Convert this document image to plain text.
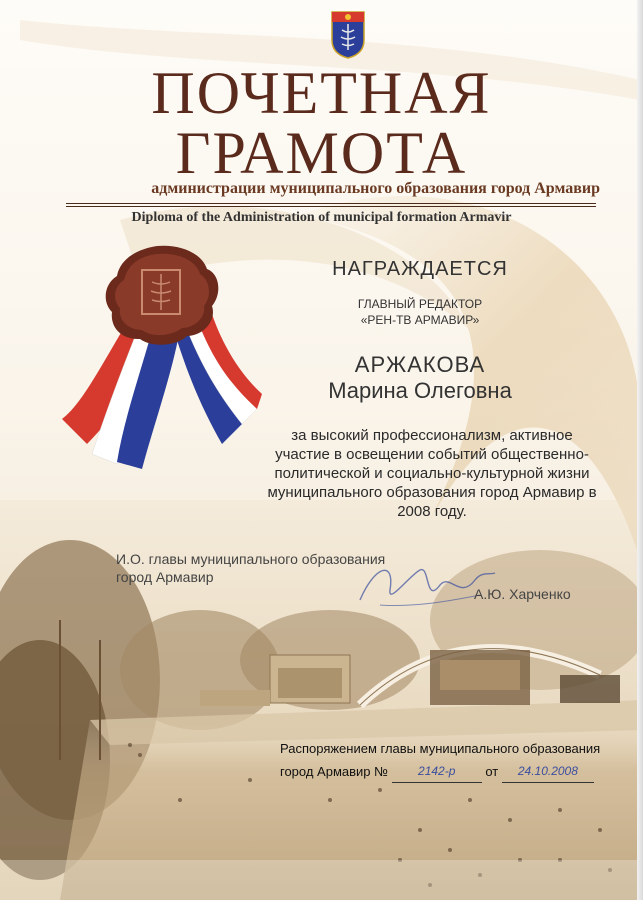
ПОЧЕТНАЯ
ГРАМОТА
администрации муниципального образования город Армавир
Diploma of the Administration of municipal formation Armavir
НАГРАЖДАЕТСЯ
ГЛАВНЫЙ РЕДАКТОР
«РЕН-ТВ АРМАВИР»
АРЖАКОВА
Марина Олеговна
за высокий профессионализм, активное участие в освещении событий общественно-политической и социально-культурной жизни муниципального образования город Армавир в 2008 году.
И.О. главы муниципального образования
город Армавир
А.Ю. Харченко
Распоряжением главы муниципального образования
город Армавир № 2142-р от 24.10.2008
